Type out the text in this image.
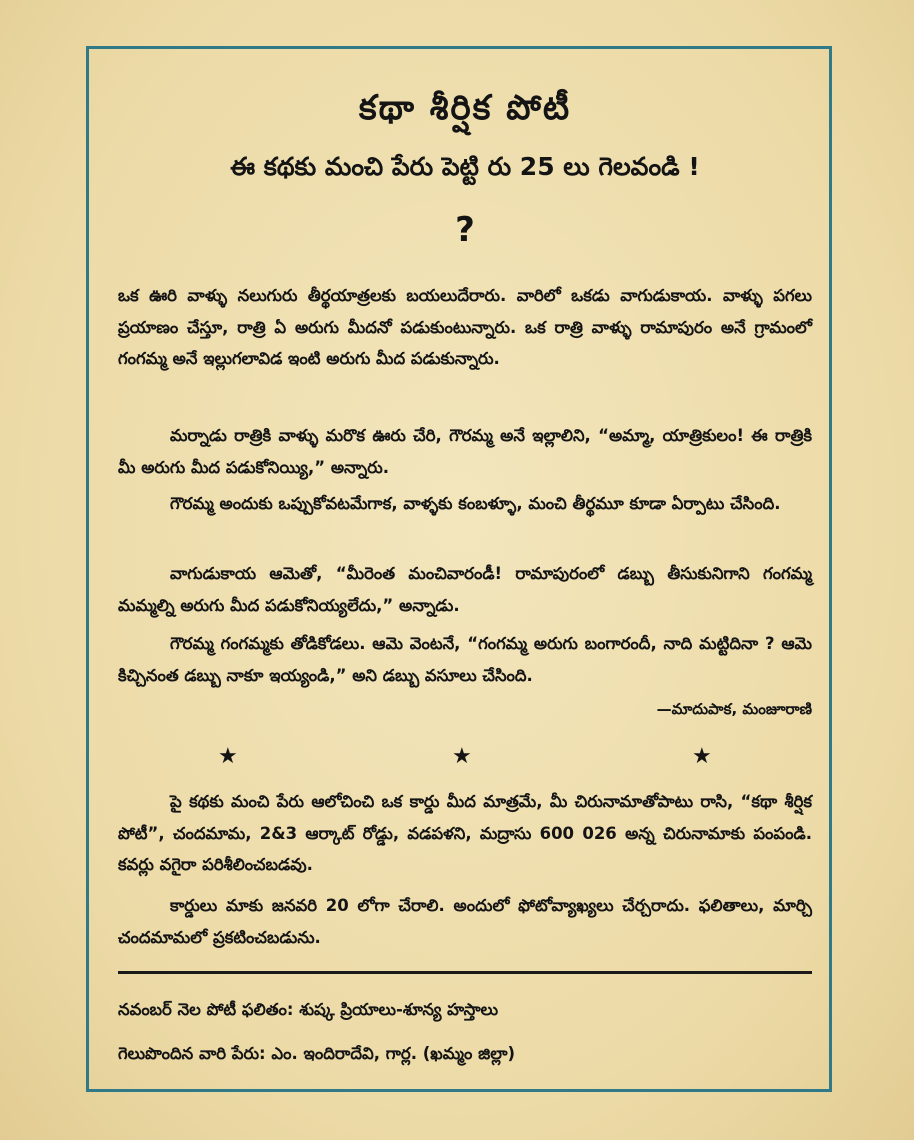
కథా శీర్షిక పోటీ
ఈ కథకు మంచి పేరు పెట్టి రు 25 లు గెలవండి !
?
ఒక ఊరి వాళ్ళు నలుగురు తీర్థయాత్రలకు బయలుదేరారు. వారిలో ఒకడు వాగుడుకాయ. వాళ్ళు పగలు ప్రయాణం చేస్తూ, రాత్రి ఏ అరుగు మీదనో పడుకుంటున్నారు. ఒక రాత్రి వాళ్ళు రామాపురం అనే గ్రామంలో గంగమ్మ అనే ఇల్లుగలావిడ ఇంటి అరుగు మీద పడుకున్నారు.
మర్నాడు రాత్రికి వాళ్ళు మరొక ఊరు చేరి, గౌరమ్మ అనే ఇల్లాలిని, “అమ్మా, యాత్రికులం! ఈ రాత్రికి మీ అరుగు మీద పడుకోనియ్యి,” అన్నారు.
గౌరమ్మ అందుకు ఒప్పుకోవటమేగాక, వాళ్ళకు కంబళ్ళూ, మంచి తీర్థమూ కూడా ఏర్పాటు చేసింది.
వాగుడుకాయ ఆమెతో, “మీరెంత మంచివారండీ! రామాపురంలో డబ్బు తీసుకునిగాని గంగమ్మ మమ్మల్ని అరుగు మీద పడుకోనియ్యలేదు,” అన్నాడు.
గౌరమ్మ గంగమ్మకు తోడికోడలు. ఆమె వెంటనే, “గంగమ్మ అరుగు బంగారందీ, నాది మట్టిదినా ? ఆమె కిచ్చినంత డబ్బు నాకూ ఇయ్యండి,” అని డబ్బు వసూలు చేసింది.
—మాదుపాక, మంజూరాణి
★	★	★
పై కథకు మంచి పేరు ఆలోచించి ఒక కార్డు మీద మాత్రమే, మీ చిరునామాతోపాటు రాసి, “కథా శీర్షిక పోటీ”, చందమామ, 2&3 ఆర్కాట్ రోడ్డు, వడపళని, మద్రాసు 600 026 అన్న చిరునామాకు పంపండి. కవర్లు వగైరా పరిశీలించబడవు.
కార్డులు మాకు జనవరి 20 లోగా చేరాలి. అందులో ఫోటోవ్యాఖ్యలు చేర్చరాదు. ఫలితాలు, మార్చి చందమామలో ప్రకటించబడును.
నవంబర్ నెల పోటీ ఫలితం: శుష్క ప్రియాలు-శూన్య హస్తాలు
గెలుపొందిన వారి పేరు: ఎం. ఇందిరాదేవి, గార్ల. (ఖమ్మం జిల్లా)
